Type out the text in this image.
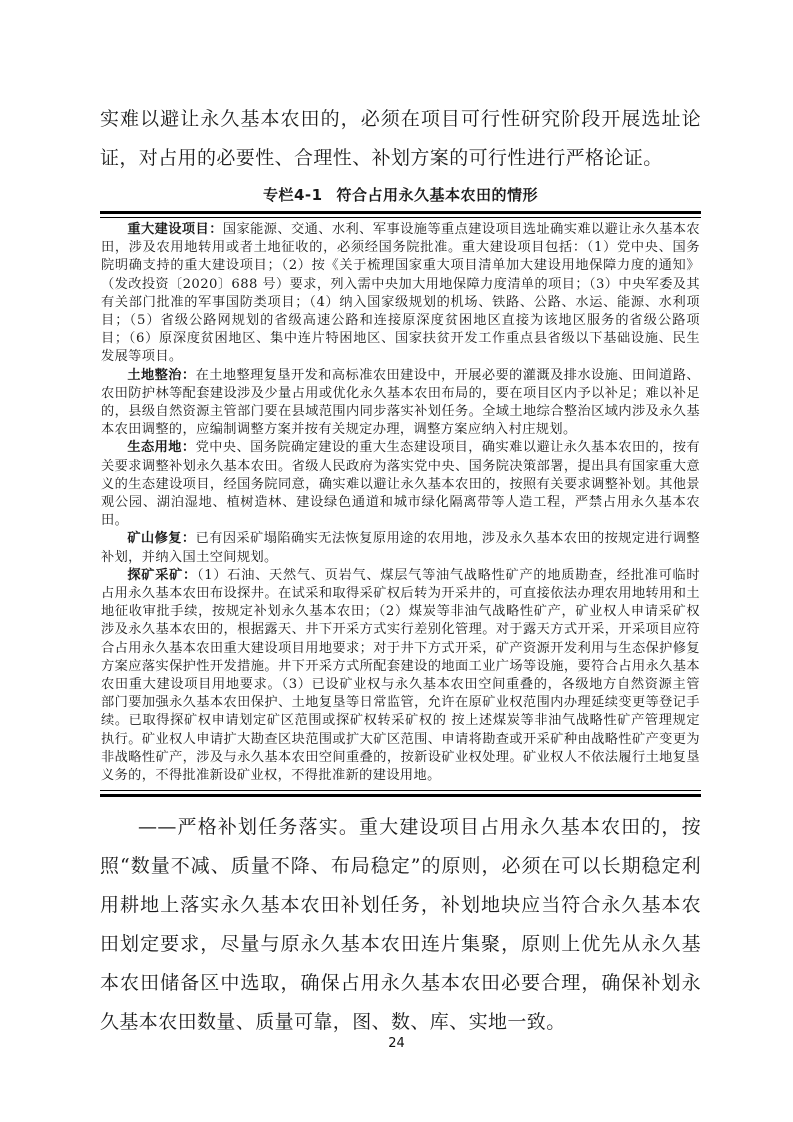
实难以避让永久基本农田的，必须在项目可行性研究阶段开展选址论证，对占用的必要性、合理性、补划方案的可行性进行严格论证。

专栏4-1 符合占用永久基本农田的情形

重大建设项目：国家能源、交通、水利、军事设施等重点建设项目选址确实难以避让永久基本农田，涉及农用地转用或者土地征收的，必须经国务院批准。重大建设项目包括：（1）党中央、国务院明确支持的重大建设项目；（2）按《关于梳理国家重大项目清单加大建设用地保障力度的通知》（发改投资〔2020〕688 号）要求，列入需中央加大用地保障力度清单的项目；（3）中央军委及其有关部门批准的军事国防类项目；（4）纳入国家级规划的机场、铁路、公路、水运、能源、水利项目；（5）省级公路网规划的省级高速公路和连接原深度贫困地区直接为该地区服务的省级公路项目；（6）原深度贫困地区、集中连片特困地区、国家扶贫开发工作重点县省级以下基础设施、民生发展等项目。

土地整治：在土地整理复垦开发和高标准农田建设中，开展必要的灌溉及排水设施、田间道路、农田防护林等配套建设涉及少量占用或优化永久基本农田布局的，要在项目区内予以补足；难以补足的，县级自然资源主管部门要在县域范围内同步落实补划任务。全域土地综合整治区域内涉及永久基本农田调整的，应编制调整方案并按有关规定办理，调整方案应纳入村庄规划。

生态用地：党中央、国务院确定建设的重大生态建设项目，确实难以避让永久基本农田的，按有关要求调整补划永久基本农田。省级人民政府为落实党中央、国务院决策部署，提出具有国家重大意义的生态建设项目，经国务院同意，确实难以避让永久基本农田的，按照有关要求调整补划。其他景观公园、湖泊湿地、植树造林、建设绿色通道和城市绿化隔离带等人造工程，严禁占用永久基本农田。

矿山修复：已有因采矿塌陷确实无法恢复原用途的农用地，涉及永久基本农田的按规定进行调整补划，并纳入国土空间规划。

探矿采矿：（1）石油、天然气、页岩气、煤层气等油气战略性矿产的地质勘查，经批准可临时占用永久基本农田布设探井。在试采和取得采矿权后转为开采井的，可直接依法办理农用地转用和土地征收审批手续，按规定补划永久基本农田；（2）煤炭等非油气战略性矿产，矿业权人申请采矿权涉及永久基本农田的，根据露天、井下开采方式实行差别化管理。对于露天方式开采，开采项目应符合占用永久基本农田重大建设项目用地要求；对于井下方式开采，矿产资源开发利用与生态保护修复方案应落实保护性开发措施。井下开采方式所配套建设的地面工业广场等设施，要符合占用永久基本农田重大建设项目用地要求。（3）已设矿业权与永久基本农田空间重叠的，各级地方自然资源主管部门要加强永久基本农田保护、土地复垦等日常监管，允许在原矿业权范围内办理延续变更等登记手续。已取得探矿权申请划定矿区范围或探矿权转采矿权的 按上述煤炭等非油气战略性矿产管理规定执行。矿业权人申请扩大勘查区块范围或扩大矿区范围、申请将勘查或开采矿种由战略性矿产变更为非战略性矿产，涉及与永久基本农田空间重叠的，按新设矿业权处理。矿业权人不依法履行土地复垦义务的，不得批准新设矿业权，不得批准新的建设用地。

——严格补划任务落实。重大建设项目占用永久基本农田的，按照“数量不减、质量不降、布局稳定”的原则，必须在可以长期稳定利用耕地上落实永久基本农田补划任务，补划地块应当符合永久基本农田划定要求，尽量与原永久基本农田连片集聚，原则上优先从永久基本农田储备区中选取，确保占用永久基本农田必要合理，确保补划永久基本农田数量、质量可靠，图、数、库、实地一致。

24
